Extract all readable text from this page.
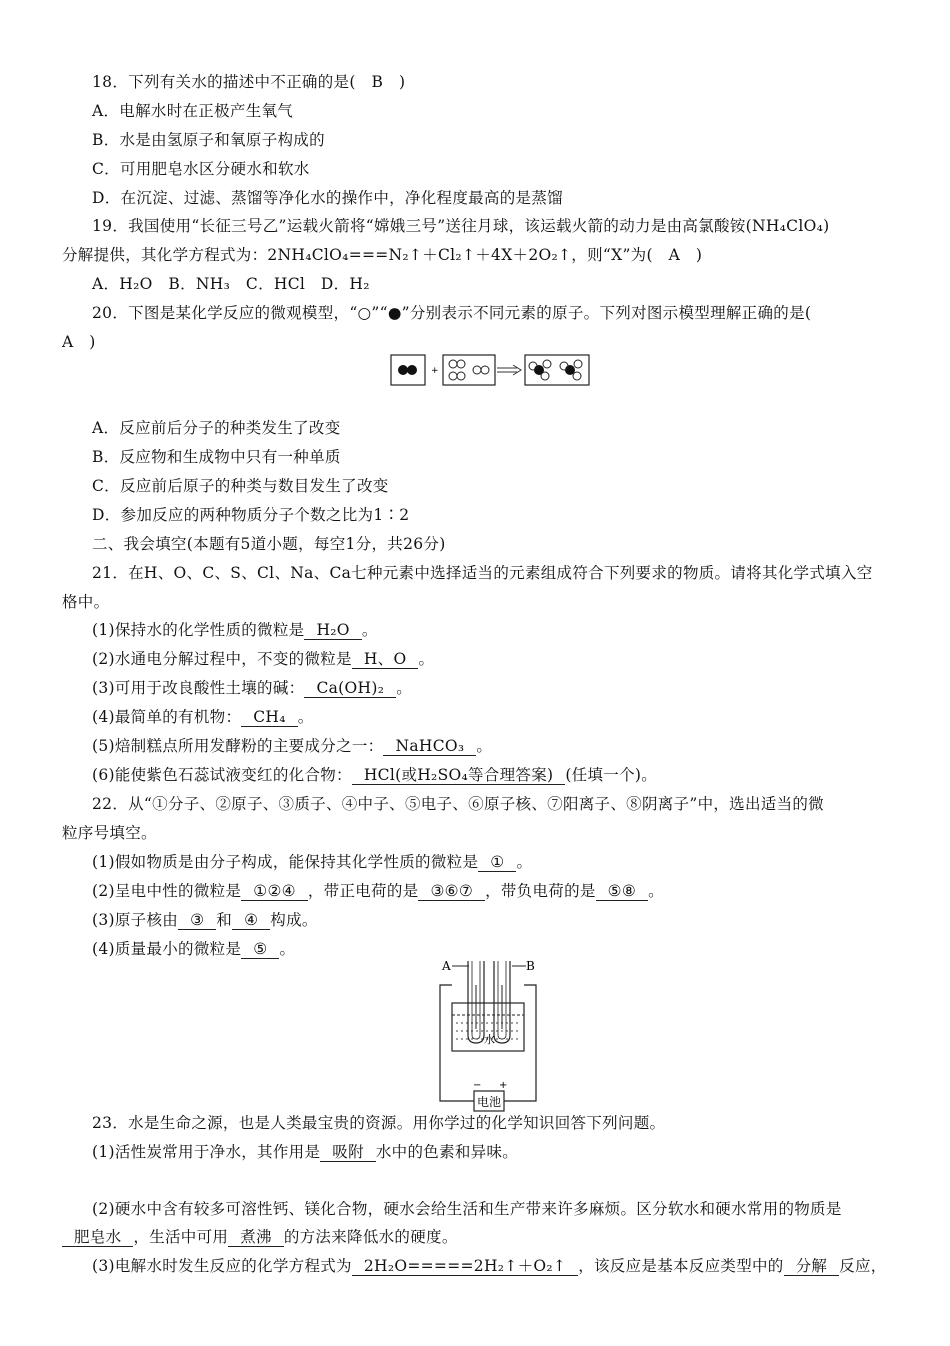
18．下列有关水的描述中不正确的是(　B　)
A．电解水时在正极产生氧气
B．水是由氢原子和氧原子构成的
C．可用肥皂水区分硬水和软水
D．在沉淀、过滤、蒸馏等净化水的操作中，净化程度最高的是蒸馏
19．我国使用“长征三号乙”运载火箭将“嫦娥三号”送往月球，该运载火箭的动力是由高氯酸铵(NH₄ClO₄)
分解提供，其化学方程式为：2NH₄ClO₄===N₂↑＋Cl₂↑＋4X＋2O₂↑，则“X”为(　A　)
A．H₂O　B．NH₃　C．HCl　D．H₂
20．下图是某化学反应的微观模型，“○”“●”分别表示不同元素的原子。下列对图示模型理解正确的是(
A　)
+
A．反应前后分子的种类发生了改变
B．反应物和生成物中只有一种单质
C．反应前后原子的种类与数目发生了改变
D．参加反应的两种物质分子个数之比为1∶2
二、我会填空(本题有5道小题，每空1分，共26分)
21．在H、O、C、S、Cl、Na、Ca七种元素中选择适当的元素组成符合下列要求的物质。请将其化学式填入空
格中。
(1)保持水的化学性质的微粒是 H₂O 。
(2)水通电分解过程中，不变的微粒是 H、O 。
(3)可用于改良酸性土壤的碱： Ca(OH)₂ 。
(4)最简单的有机物： CH₄ 。
(5)焙制糕点所用发酵粉的主要成分之一： NaHCO₃ 。
(6)能使紫色石蕊试液变红的化合物： HCl(或H₂SO₄等合理答案) (任填一个)。
22．从“①分子、②原子、③质子、④中子、⑤电子、⑥原子核、⑦阳离子、⑧阴离子”中，选出适当的微
粒序号填空。
(1)假如物质是由分子构成，能保持其化学性质的微粒是 ① 。
(2)呈电中性的微粒是 ①②④ ，带正电荷的是 ③⑥⑦ ，带负电荷的是 ⑤⑧ 。
(3)原子核由 ③ 和 ④ 构成。
(4)质量最小的微粒是 ⑤ 。
A	B
水
电池
− +
23．水是生命之源，也是人类最宝贵的资源。用你学过的化学知识回答下列问题。
(1)活性炭常用于净水，其作用是 吸附 水中的色素和异味。
(2)硬水中含有较多可溶性钙、镁化合物，硬水会给生活和生产带来许多麻烦。区分软水和硬水常用的物质是
肥皂水 ，生活中可用 煮沸 的方法来降低水的硬度。
(3)电解水时发生反应的化学方程式为 2H₂O=====2H₂↑＋O₂↑ ，该反应是基本反应类型中的 分解 反应，
